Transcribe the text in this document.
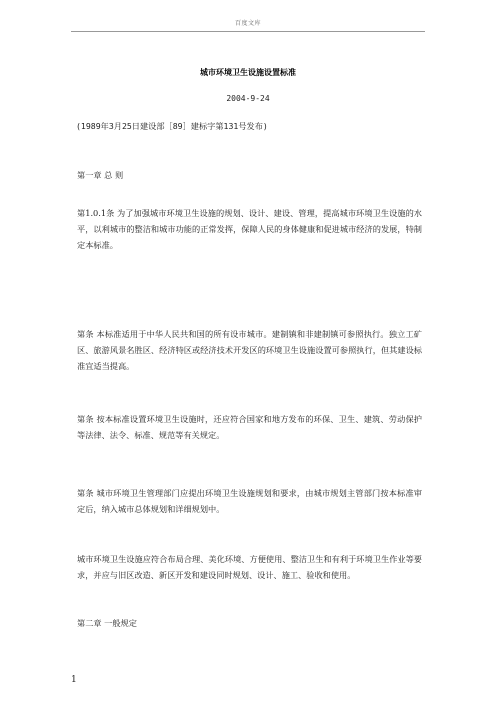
百度文库
城市环境卫生设施设置标准
2004-9-24
(1989年3月25日建设部［89］建标字第131号发布)
第一章 总 则
第1.0.1条 为了加强城市环境卫生设施的规划、设计、建设、管理，提高城市环境卫生设施的水平，以利城市的整洁和城市功能的正常发挥，保障人民的身体健康和促进城市经济的发展，特制定本标准。
第条 本标准适用于中华人民共和国的所有设市城市。建制镇和非建制镇可参照执行。独立工矿区、旅游风景名胜区、经济特区或经济技术开发区的环境卫生设施设置可参照执行，但其建设标准宜适当提高。
第条 按本标准设置环境卫生设施时，还应符合国家和地方发布的环保、卫生、建筑、劳动保护等法律、法令、标准、规范等有关规定。
第条 城市环境卫生管理部门应提出环境卫生设施规划和要求，由城市规划主管部门按本标准审定后，纳入城市总体规划和详细规划中。
城市环境卫生设施应符合布局合理、美化环境、方便使用、整洁卫生和有利于环境卫生作业等要求，并应与旧区改造、新区开发和建设同时规划、设计、施工、验收和使用。
第二章 一般规定
1
